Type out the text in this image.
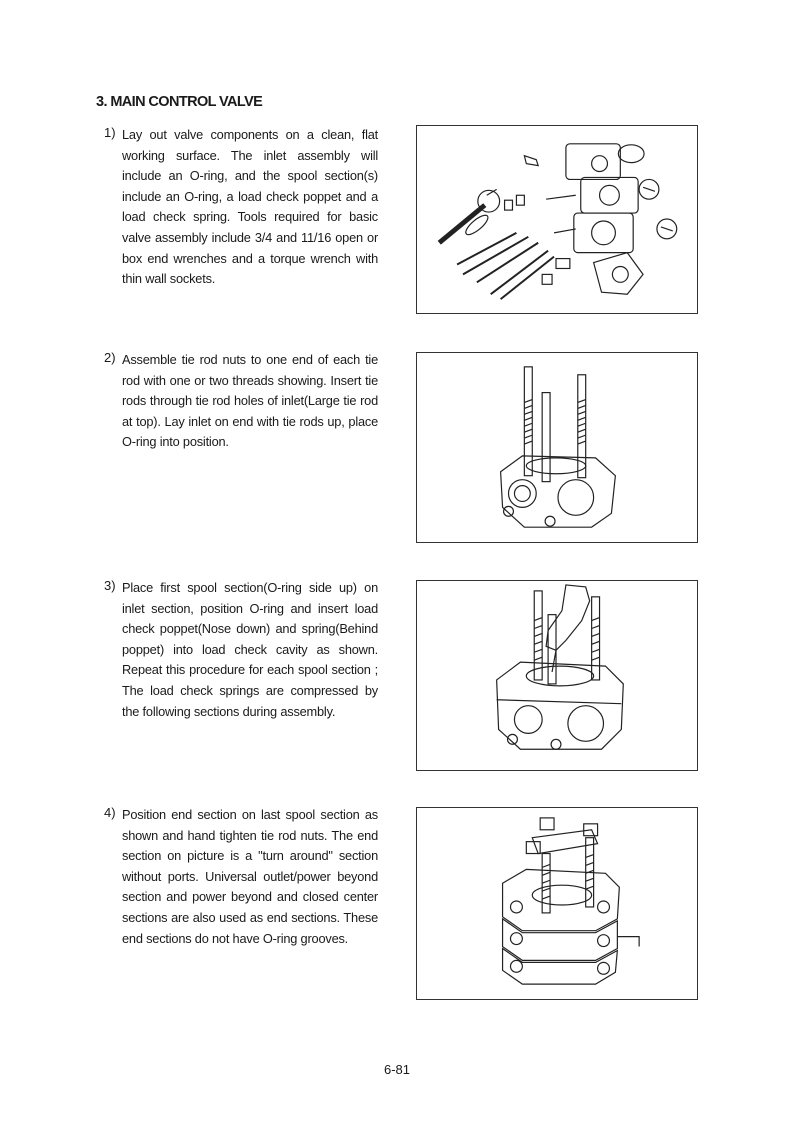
3. MAIN CONTROL VALVE
1) Lay out valve components on a clean, flat working surface. The inlet assembly will include an O-ring, and the spool section(s) include an O-ring, a load check poppet and a load check spring. Tools required for basic valve assembly include 3/4 and 11/16 open or box end wrenches and a torque wrench with thin wall sockets.

2) Assemble tie rod nuts to one end of each tie rod with one or two threads showing. Insert tie rods through tie rod holes of inlet(Large tie rod at top). Lay inlet on end with tie rods up, place O-ring into position.

3) Place first spool section(O-ring side up) on inlet section, position O-ring and insert load check poppet(Nose down) and spring(Behind poppet) into load check cavity as shown. Repeat this procedure for each spool section ; The load check springs are compressed by the following sections during assembly.

4) Position end section on last spool section as shown and hand tighten tie rod nuts. The end section on picture is a "turn around" section without ports. Universal outlet/power beyond section and power beyond and closed center sections are also used as end sections. These end sections do not have O-ring grooves.

6-81
